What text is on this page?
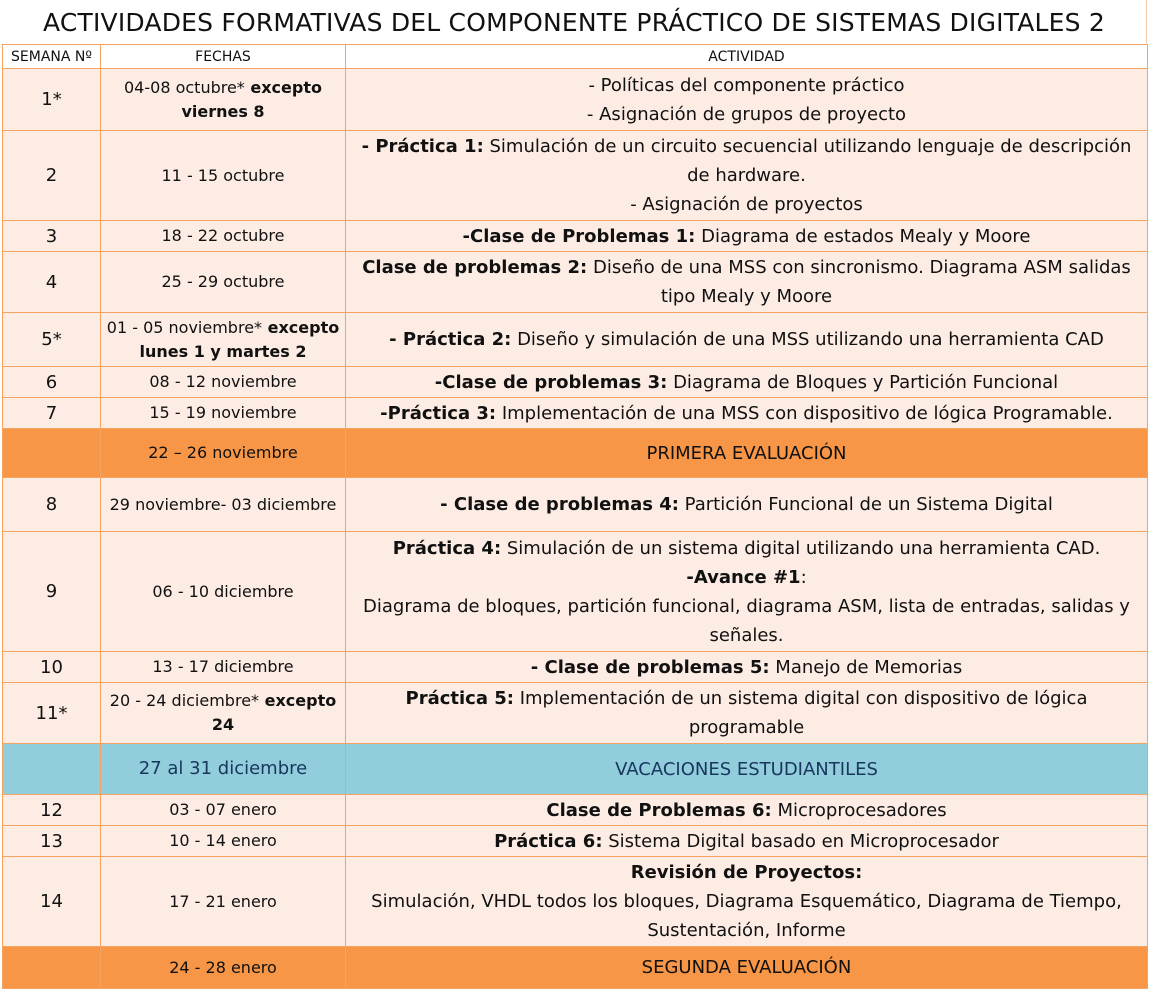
ACTIVIDADES FORMATIVAS DEL COMPONENTE PRÁCTICO DE SISTEMAS DIGITALES 2
SEMANA Nº	FECHAS	ACTIVIDAD
1*	04-08 octubre* excepto viernes 8	- Políticas del componente práctico
- Asignación de grupos de proyecto

2	11 - 15 octubre	- Práctica 1: Simulación de un circuito secuencial utilizando lenguaje de descripción de hardware.
- Asignación de proyectos

3	18 - 22 octubre	-Clase de Problemas 1: Diagrama de estados Mealy y Moore

4	25 - 29 octubre	Clase de problemas 2: Diseño de una MSS con sincronismo. Diagrama ASM salidas tipo Mealy y Moore

5*	01 - 05 noviembre* excepto lunes 1 y martes 2	- Práctica 2: Diseño y simulación de una MSS utilizando una herramienta CAD

6	08 - 12 noviembre	-Clase de problemas 3: Diagrama de Bloques y Partición Funcional

7	15 - 19 noviembre	-Práctica 3: Implementación de una MSS con dispositivo de lógica Programable.

	22 – 26 noviembre	PRIMERA EVALUACIÓN
8	29 noviembre- 03 diciembre	- Clase de problemas 4: Partición Funcional de un Sistema Digital

9	06 - 10 diciembre	Práctica 4: Simulación de un sistema digital utilizando una herramienta CAD.
-Avance #1:
Diagrama de bloques, partición funcional, diagrama ASM, lista de entradas, salidas y señales.

10	13 - 17 diciembre	- Clase de problemas 5: Manejo de Memorias

11*	20 - 24 diciembre* excepto 24	Práctica 5: Implementación de un sistema digital con dispositivo de lógica programable

	27 al 31 diciembre	VACACIONES ESTUDIANTILES
12	03 - 07 enero	Clase de Problemas 6: Microprocesadores

13	10 - 14 enero	Práctica 6: Sistema Digital basado en Microprocesador

14	17 - 21 enero	Revisión de Proyectos:
Simulación, VHDL todos los bloques, Diagrama Esquemático, Diagrama de Tiempo, Sustentación, Informe

	24 - 28 enero	SEGUNDA EVALUACIÓN
